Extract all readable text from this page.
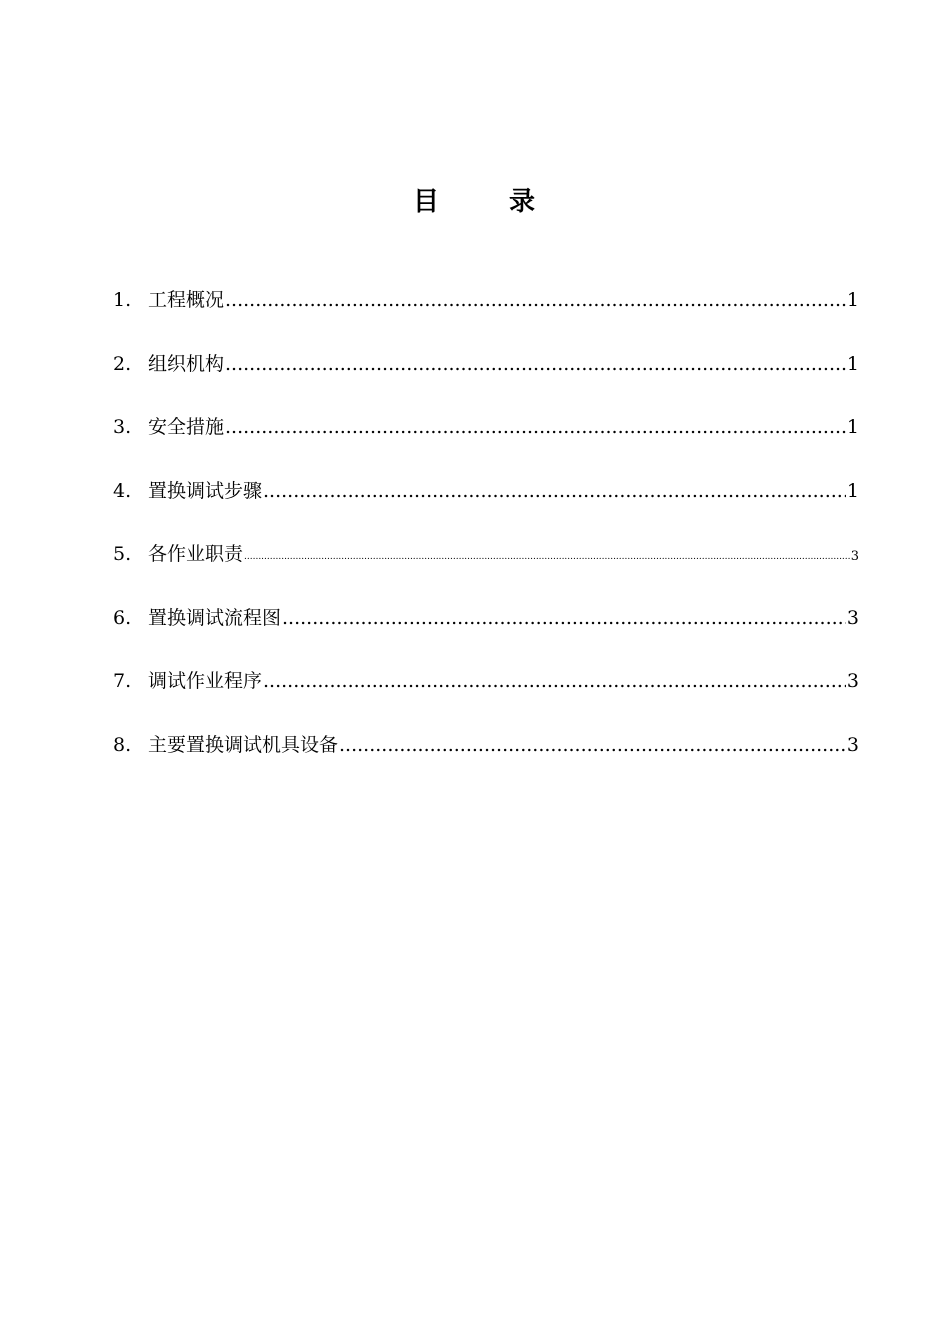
目	录
1. 工程概况 .....	1
2. 组织机构 .....	1
3. 安全措施 .....	1
4. 置换调试步骤 .....	1
5. 各作业职责 .....	3
6. 置换调试流程图 .....	3
7. 调试作业程序 .....	3
8. 主要置换调试机具设备 .....	3
